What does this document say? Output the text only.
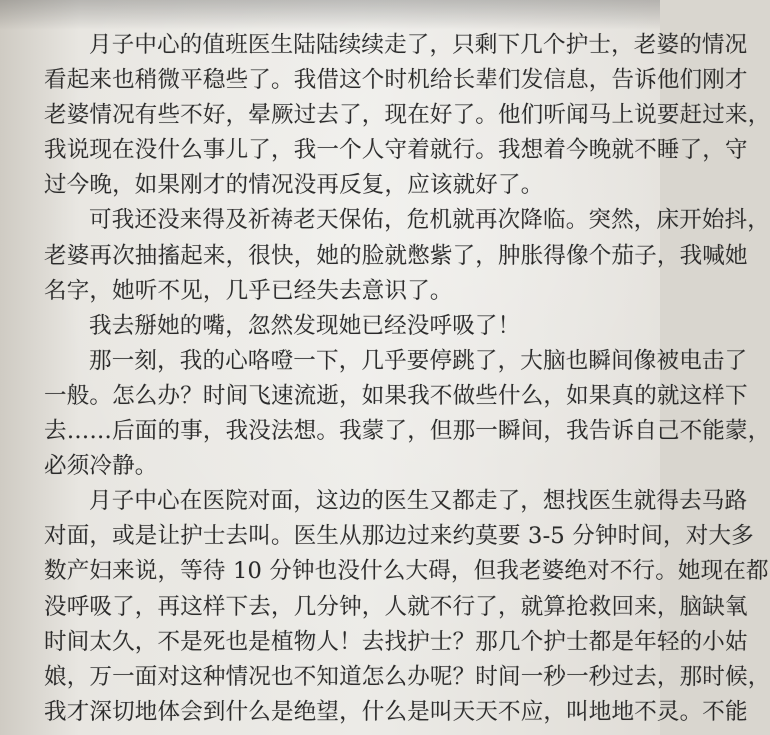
月子中心的值班医生陆陆续续走了，只剩下几个护士，老婆的情况
看起来也稍微平稳些了。我借这个时机给长辈们发信息，告诉他们刚才
老婆情况有些不好，晕厥过去了，现在好了。他们听闻马上说要赶过来，
我说现在没什么事儿了，我一个人守着就行。我想着今晚就不睡了，守
过今晚，如果刚才的情况没再反复，应该就好了。
可我还没来得及祈祷老天保佑，危机就再次降临。突然，床开始抖，
老婆再次抽搐起来，很快，她的脸就憋紫了，肿胀得像个茄子，我喊她
名字，她听不见，几乎已经失去意识了。
我去掰她的嘴，忽然发现她已经没呼吸了！
那一刻，我的心咯噔一下，几乎要停跳了，大脑也瞬间像被电击了
一般。怎么办？时间飞速流逝，如果我不做些什么，如果真的就这样下
去……后面的事，我没法想。我蒙了，但那一瞬间，我告诉自己不能蒙，
必须冷静。
月子中心在医院对面，这边的医生又都走了，想找医生就得去马路
对面，或是让护士去叫。医生从那边过来约莫要 3-5 分钟时间，对大多
数产妇来说，等待 10 分钟也没什么大碍，但我老婆绝对不行。她现在都
没呼吸了，再这样下去，几分钟，人就不行了，就算抢救回来，脑缺氧
时间太久，不是死也是植物人！去找护士？那几个护士都是年轻的小姑
娘，万一面对这种情况也不知道怎么办呢？时间一秒一秒过去，那时候，
我才深切地体会到什么是绝望，什么是叫天天不应，叫地地不灵。不能
